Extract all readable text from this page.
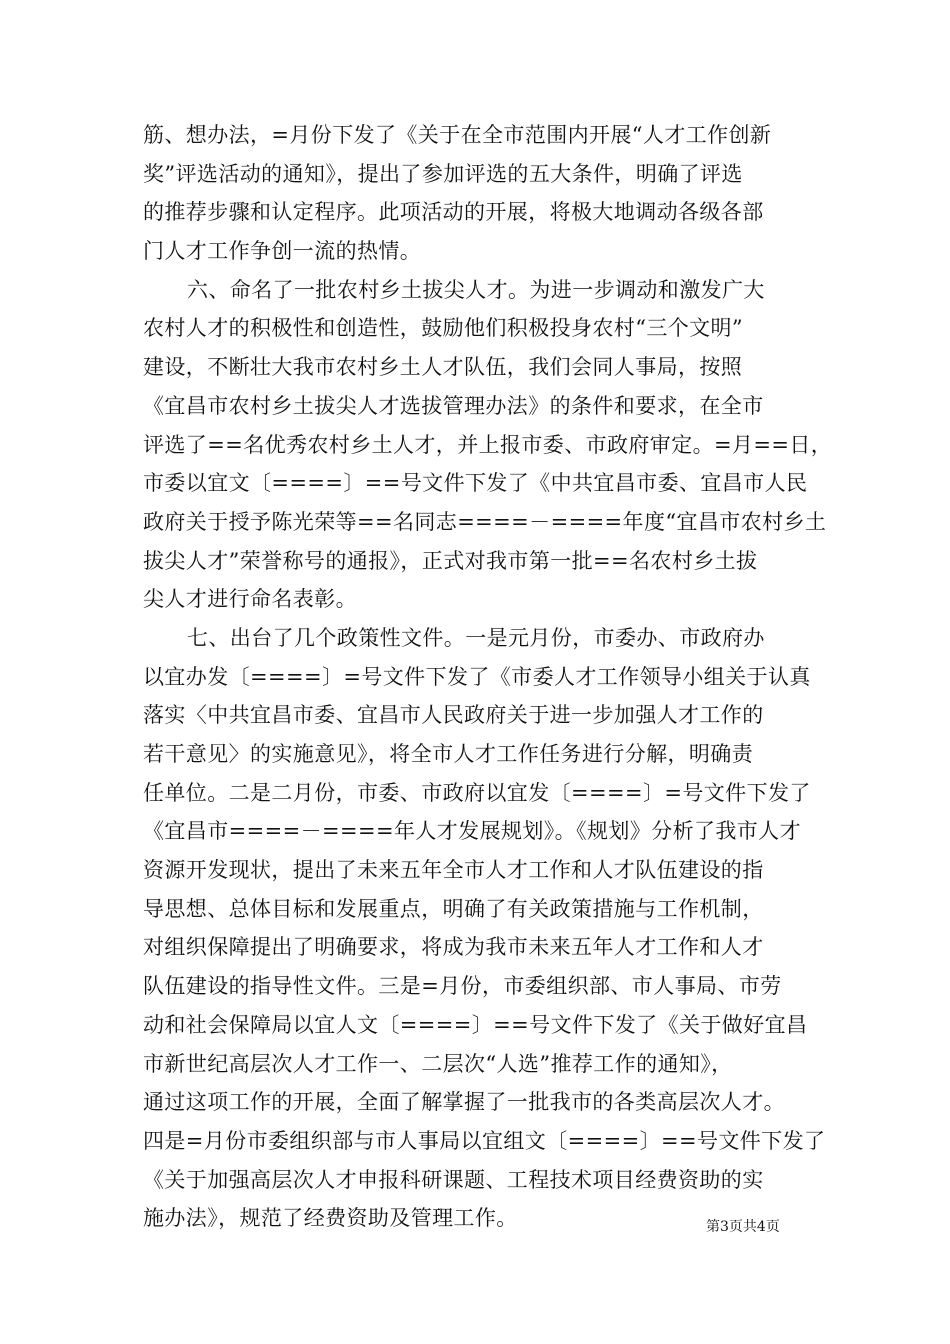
筋、想办法，=月份下发了《关于在全市范围内开展“人才工作创新
奖”评选活动的通知》，提出了参加评选的五大条件，明确了评选
的推荐步骤和认定程序。此项活动的开展，将极大地调动各级各部
门人才工作争创一流的热情。
六、命名了一批农村乡土拔尖人才。为进一步调动和激发广大
农村人才的积极性和创造性，鼓励他们积极投身农村“三个文明”
建设，不断壮大我市农村乡土人才队伍，我们会同人事局，按照
《宜昌市农村乡土拔尖人才选拔管理办法》的条件和要求，在全市
评选了==名优秀农村乡土人才，并上报市委、市政府审定。=月==日，
市委以宜文〔====〕==号文件下发了《中共宜昌市委、宜昌市人民
政府关于授予陈光荣等==名同志====－====年度“宜昌市农村乡土
拔尖人才”荣誉称号的通报》，正式对我市第一批==名农村乡土拔
尖人才进行命名表彰。
七、出台了几个政策性文件。一是元月份，市委办、市政府办
以宜办发〔====〕=号文件下发了《市委人才工作领导小组关于认真
落实〈中共宜昌市委、宜昌市人民政府关于进一步加强人才工作的
若干意见〉的实施意见》，将全市人才工作任务进行分解，明确责
任单位。二是二月份，市委、市政府以宜发〔====〕=号文件下发了
《宜昌市====－====年人才发展规划》。《规划》分析了我市人才
资源开发现状，提出了未来五年全市人才工作和人才队伍建设的指
导思想、总体目标和发展重点，明确了有关政策措施与工作机制，
对组织保障提出了明确要求，将成为我市未来五年人才工作和人才
队伍建设的指导性文件。三是=月份，市委组织部、市人事局、市劳
动和社会保障局以宜人文〔====〕==号文件下发了《关于做好宜昌
市新世纪高层次人才工作一、二层次“人选”推荐工作的通知》，
通过这项工作的开展，全面了解掌握了一批我市的各类高层次人才。
四是=月份市委组织部与市人事局以宜组文〔====〕==号文件下发了
《关于加强高层次人才申报科研课题、工程技术项目经费资助的实
施办法》，规范了经费资助及管理工作。	第3页共4页
